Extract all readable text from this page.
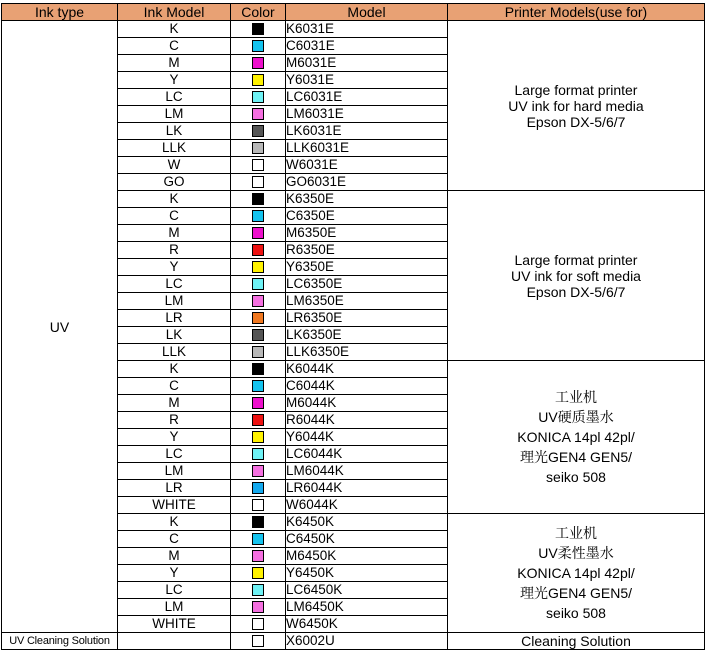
Ink type	Ink Model	Color	Model	Printer Models(use for)
UV	K		K6031E	Large format printer
UV ink for hard media
Epson DX-5/6/7

	C		C6031E	
	M		M6031E	
	Y		Y6031E	
	LC		LC6031E	
	LM		LM6031E	
	LK		LK6031E	
	LLK		LLK6031E	
	W		W6031E	
	GO		GO6031E	
	K		K6350E	Large format printer
UV ink for soft media
Epson DX-5/6/7

	C		C6350E	
	M		M6350E	
	R		R6350E	
	Y		Y6350E	
	LC		LC6350E	
	LM		LM6350E	
	LR		LR6350E	
	LK		LK6350E	
	LLK		LLK6350E	
	K		K6044K	工业机
UV硬质墨水
KONICA 14pl 42pl/
理光GEN4 GEN5/
seiko 508

	C		C6044K	
	M		M6044K	
	R		R6044K	
	Y		Y6044K	
	LC		LC6044K	
	LM		LM6044K	
	LR		LR6044K	
	WHITE		W6044K	
	K		K6450K	工业机
UV柔性墨水
KONICA 14pl 42pl/
理光GEN4 GEN5/
seiko 508

	C		C6450K	
	M		M6450K	
	Y		Y6450K	
	LC		LC6450K	
	LM		LM6450K	
	WHITE		W6450K	
UV Cleaning Solution			X6002U	Cleaning Solution
